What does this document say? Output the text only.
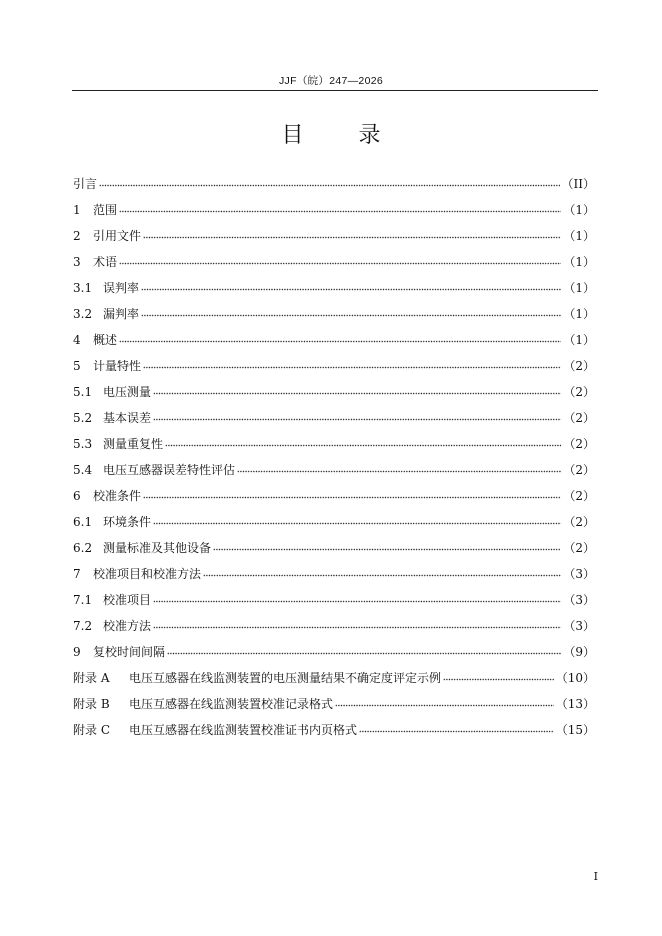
JJF（皖）247—2026
目 录
引言	（II）
1	范围	（1）
2	引用文件	（1）
3	术语	（1）
3.1 误判率	（1）
3.2 漏判率	（1）
4	概述	（1）
5	计量特性	（2）
5.1 电压测量	（2）
5.2 基本误差	（2）
5.3 测量重复性	（2）
5.4 电压互感器误差特性评估	（2）
6	校准条件	（2）
6.1 环境条件	（2）
6.2 测量标准及其他设备	（2）
7	校准项目和校准方法	（3）
7.1 校准项目	（3）
7.2 校准方法	（3）
9	复校时间间隔	（9）
附录 A	电压互感器在线监测装置的电压测量结果不确定度评定示例	（10）
附录 B	电压互感器在线监测装置校准记录格式	（13）
附录 C	电压互感器在线监测装置校准证书内页格式	（15）
I
